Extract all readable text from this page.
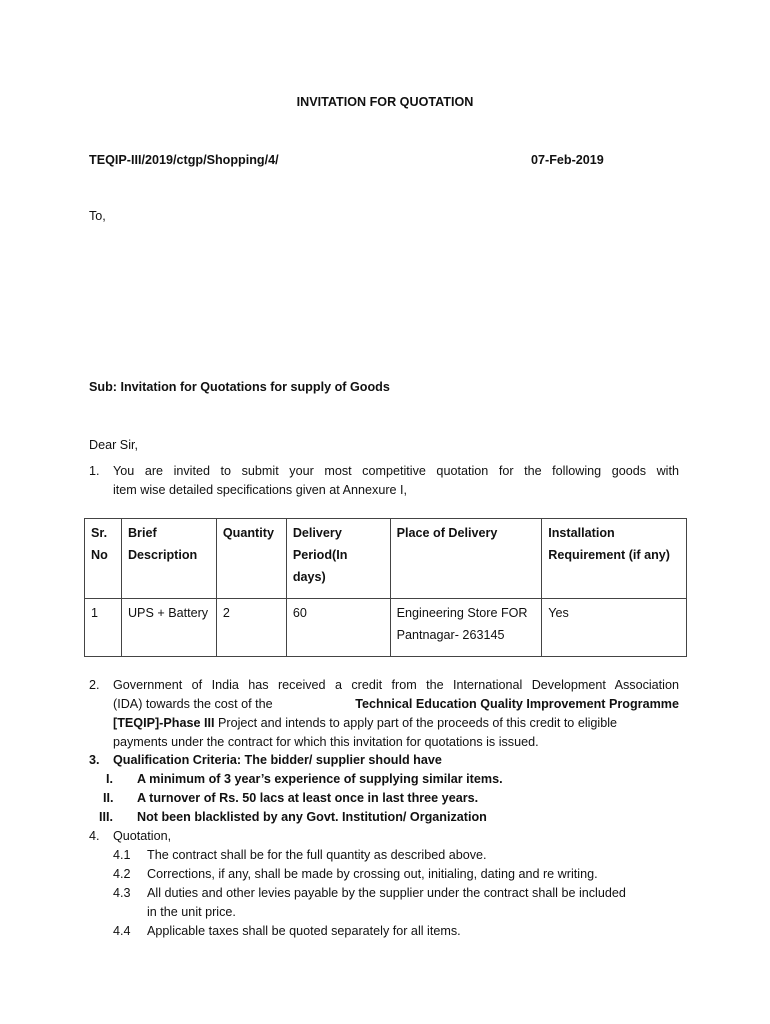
INVITATION FOR QUOTATION
TEQIP-III/2019/ctgp/Shopping/4/	07-Feb-2019
To,
Sub: Invitation for Quotations for supply of Goods
Dear Sir,
1. You are invited to submit your most competitive quotation for the following goods with
item wise detailed specifications given at Annexure I,
Sr. No	Brief Description	Quantity	Delivery Period(In days)	Place of Delivery	Installation Requirement (if any)
1	UPS + Battery	2	60	Engineering Store FOR Pantnagar- 263145	Yes
2. Government of India has received a credit from the International Development Association
(IDA) towards the cost of the	Technical Education Quality Improvement Programme
[TEQIP]-Phase III Project and intends to apply part of the proceeds of this credit to eligible
payments under the contract for which this invitation for quotations is issued.
3. Qualification Criteria: The bidder/ supplier should have
I. A minimum of 3 year’s experience of supplying similar items.
II. A turnover of Rs. 50 lacs at least once in last three years.
III. Not been blacklisted by any Govt. Institution/ Organization
4. Quotation,
4.1 The contract shall be for the full quantity as described above.
4.2 Corrections, if any, shall be made by crossing out, initialing, dating and re writing.
4.3 All duties and other levies payable by the supplier under the contract shall be included
in the unit price.
4.4 Applicable taxes shall be quoted separately for all items.
